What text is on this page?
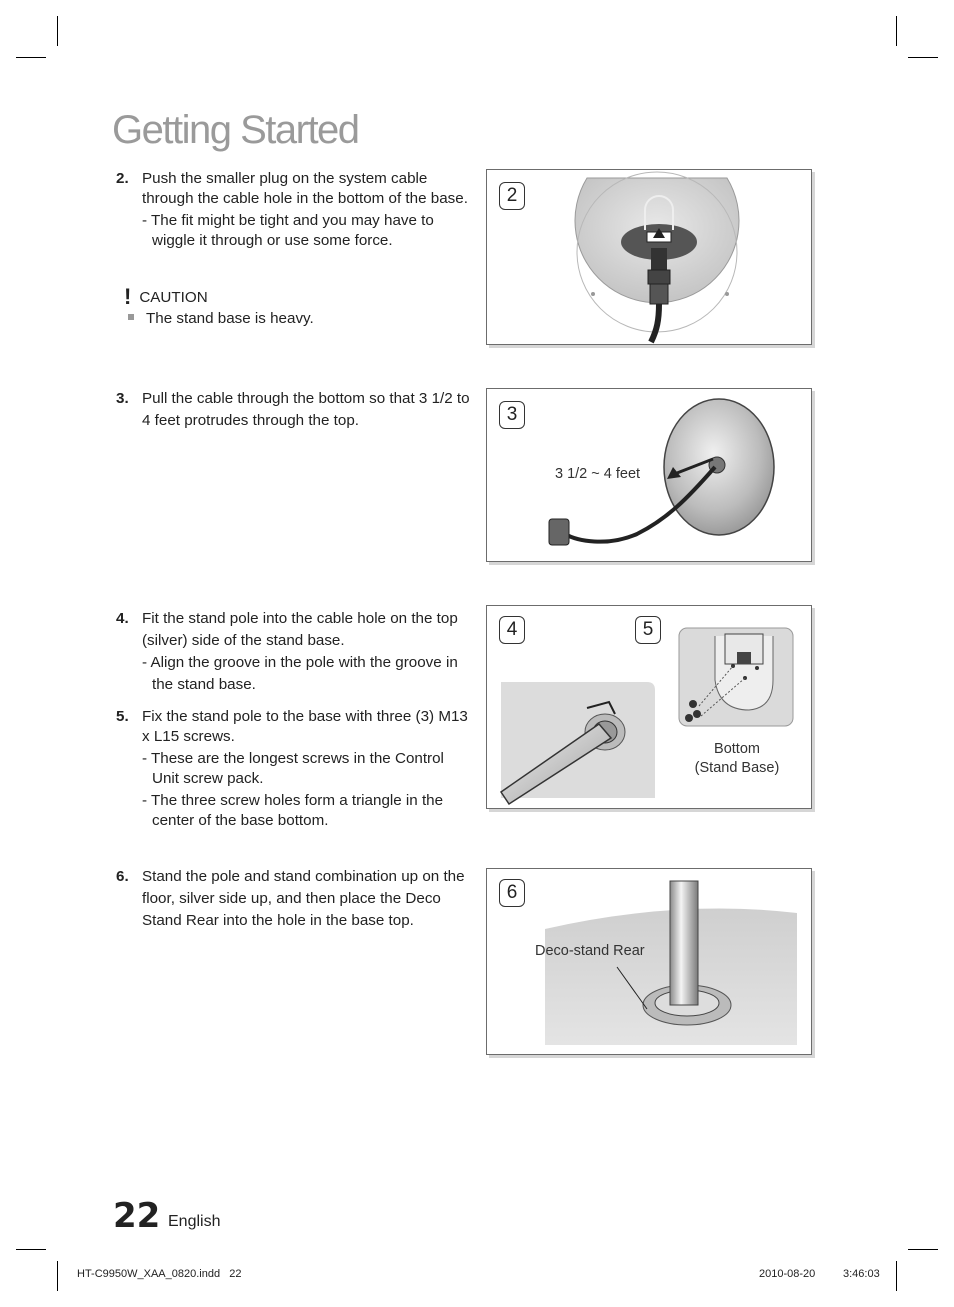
Getting Started
2. Push the smaller plug on the system cable through the cable hole in the bottom of the base.
- The fit might be tight and you may have to wiggle it through or use some force.
! CAUTION
The stand base is heavy.
3. Pull the cable through the bottom so that 3 1/2 to 4 feet protrudes through the top.
4. Fit the stand pole into the cable hole on the top (silver) side of the stand base.
- Align the groove in the pole with the groove in the stand base.
5. Fix the stand pole to the base with three (3) M13 x L15 screws.
- These are the longest screws in the Control Unit screw pack.
- The three screw holes form a triangle in the center of the base bottom.
6. Stand the pole and stand combination up on the floor, silver side up, and then place the Deco Stand Rear into the hole in the base top.
2
3
3 1/2 ~ 4 feet
4	5
Bottom
(Stand Base)
6
Deco-stand Rear
22 English
HT-C9950W_XAA_0820.indd   22	2010-08-20	3:46:03
